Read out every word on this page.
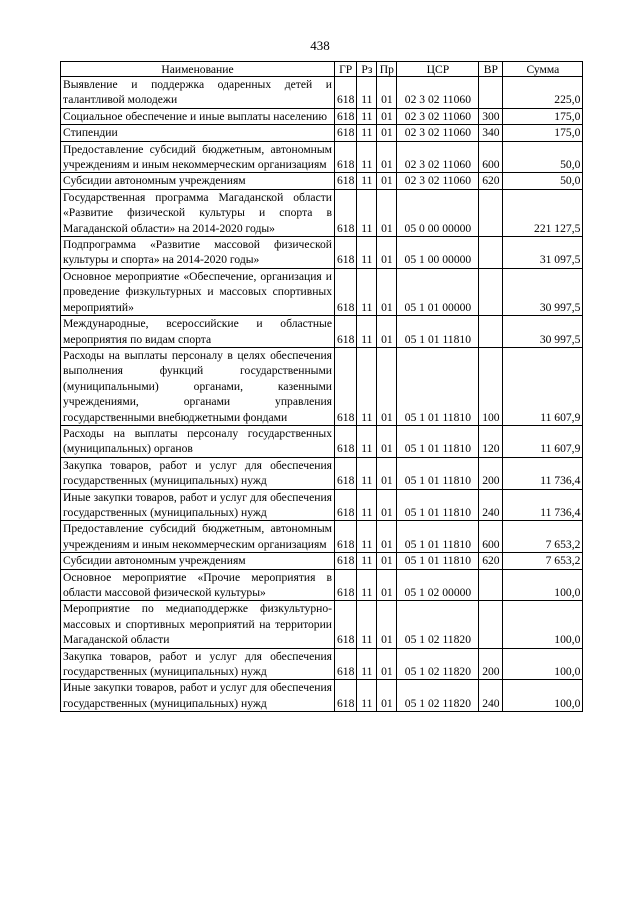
438
Наименование	ГР	Рз	Пр	ЦСР	ВР	Сумма
Выявление и поддержка одаренных детей и талантливой молодежи	618	11	01	02 3 02 11060		225,0
Социальное обеспечение и иные выплаты населению	618	11	01	02 3 02 11060	300	175,0
Стипендии	618	11	01	02 3 02 11060	340	175,0
Предоставление субсидий бюджетным, автономным учреждениям и иным некоммерческим организациям	618	11	01	02 3 02 11060	600	50,0
Субсидии автономным учреждениям	618	11	01	02 3 02 11060	620	50,0
Государственная программа Магаданской области «Развитие физической культуры и спорта в Магаданской области» на 2014-2020 годы»	618	11	01	05 0 00 00000		221 127,5
Подпрограмма «Развитие массовой физической культуры и спорта» на 2014-2020 годы»	618	11	01	05 1 00 00000		31 097,5
Основное мероприятие «Обеспечение, организация и проведение физкультурных и массовых спортивных мероприятий»	618	11	01	05 1 01 00000		30 997,5
Международные, всероссийские и областные мероприятия по видам спорта	618	11	01	05 1 01 11810		30 997,5
Расходы на выплаты персоналу в целях обеспечения выполнения функций государственными (муниципальными) органами, казенными учреждениями, органами управления государственными внебюджетными фондами	618	11	01	05 1 01 11810	100	11 607,9
Расходы на выплаты персоналу государственных (муниципальных) органов	618	11	01	05 1 01 11810	120	11 607,9
Закупка товаров, работ и услуг для обеспечения государственных (муниципальных) нужд	618	11	01	05 1 01 11810	200	11 736,4
Иные закупки товаров, работ и услуг для обеспечения государственных (муниципальных) нужд	618	11	01	05 1 01 11810	240	11 736,4
Предоставление субсидий бюджетным, автономным учреждениям и иным некоммерческим организациям	618	11	01	05 1 01 11810	600	7 653,2
Субсидии автономным учреждениям	618	11	01	05 1 01 11810	620	7 653,2
Основное мероприятие «Прочие мероприятия в области массовой физической культуры»	618	11	01	05 1 02 00000		100,0
Мероприятие по медиаподдержке физкультурно-массовых и спортивных мероприятий на территории Магаданской области	618	11	01	05 1 02 11820		100,0
Закупка товаров, работ и услуг для обеспечения государственных (муниципальных) нужд	618	11	01	05 1 02 11820	200	100,0
Иные закупки товаров, работ и услуг для обеспечения государственных (муниципальных) нужд	618	11	01	05 1 02 11820	240	100,0
